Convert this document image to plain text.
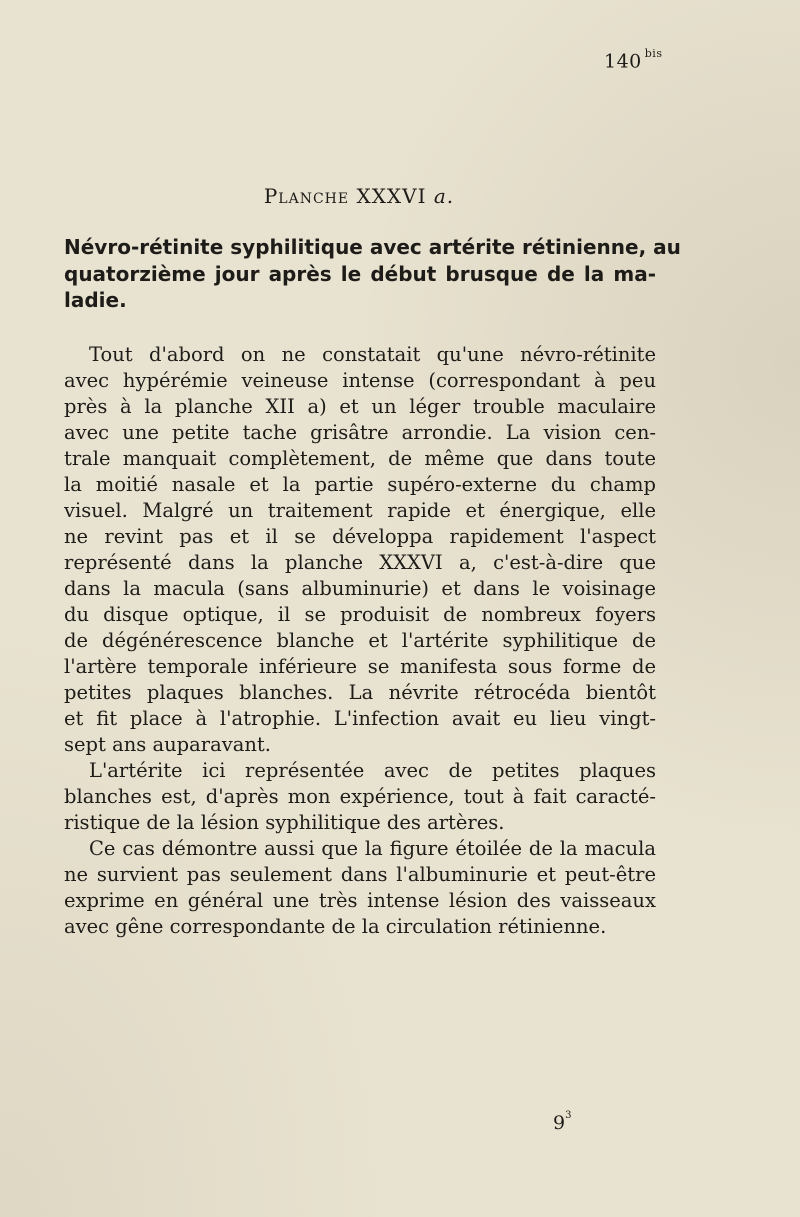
140 $^{bis}$
Planche XXXVI a.
Névro-rétinite syphilitique avec artérite rétinienne, au
quatorzième jour après le début brusque de la ma-
ladie.
Tout d'abord on ne constatait qu'une névro-rétinite
avec hypérémie veineuse intense (correspondant à peu
près à la planche XII a) et un léger trouble maculaire
avec une petite tache grisâtre arrondie. La vision cen-
trale manquait complètement, de même que dans toute
la moitié nasale et la partie supéro-externe du champ
visuel. Malgré un traitement rapide et énergique, elle
ne revint pas et il se développa rapidement l'aspect
représenté dans la planche XXXVI a, c'est-à-dire que
dans la macula (sans albuminurie) et dans le voisinage
du disque optique, il se produisit de nombreux foyers
de dégénérescence blanche et l'artérite syphilitique de
l'artère temporale inférieure se manifesta sous forme de
petites plaques blanches. La névrite rétrocéda bientôt
et fit place à l'atrophie. L'infection avait eu lieu vingt-
sept ans auparavant.
L'artérite ici représentée avec de petites plaques
blanches est, d'après mon expérience, tout à fait caracté-
ristique de la lésion syphilitique des artères.
Ce cas démontre aussi que la figure étoilée de la macula
ne survient pas seulement dans l'albuminurie et peut-être
exprime en général une très intense lésion des vaisseaux
avec gêne correspondante de la circulation rétinienne.
$9^3$
